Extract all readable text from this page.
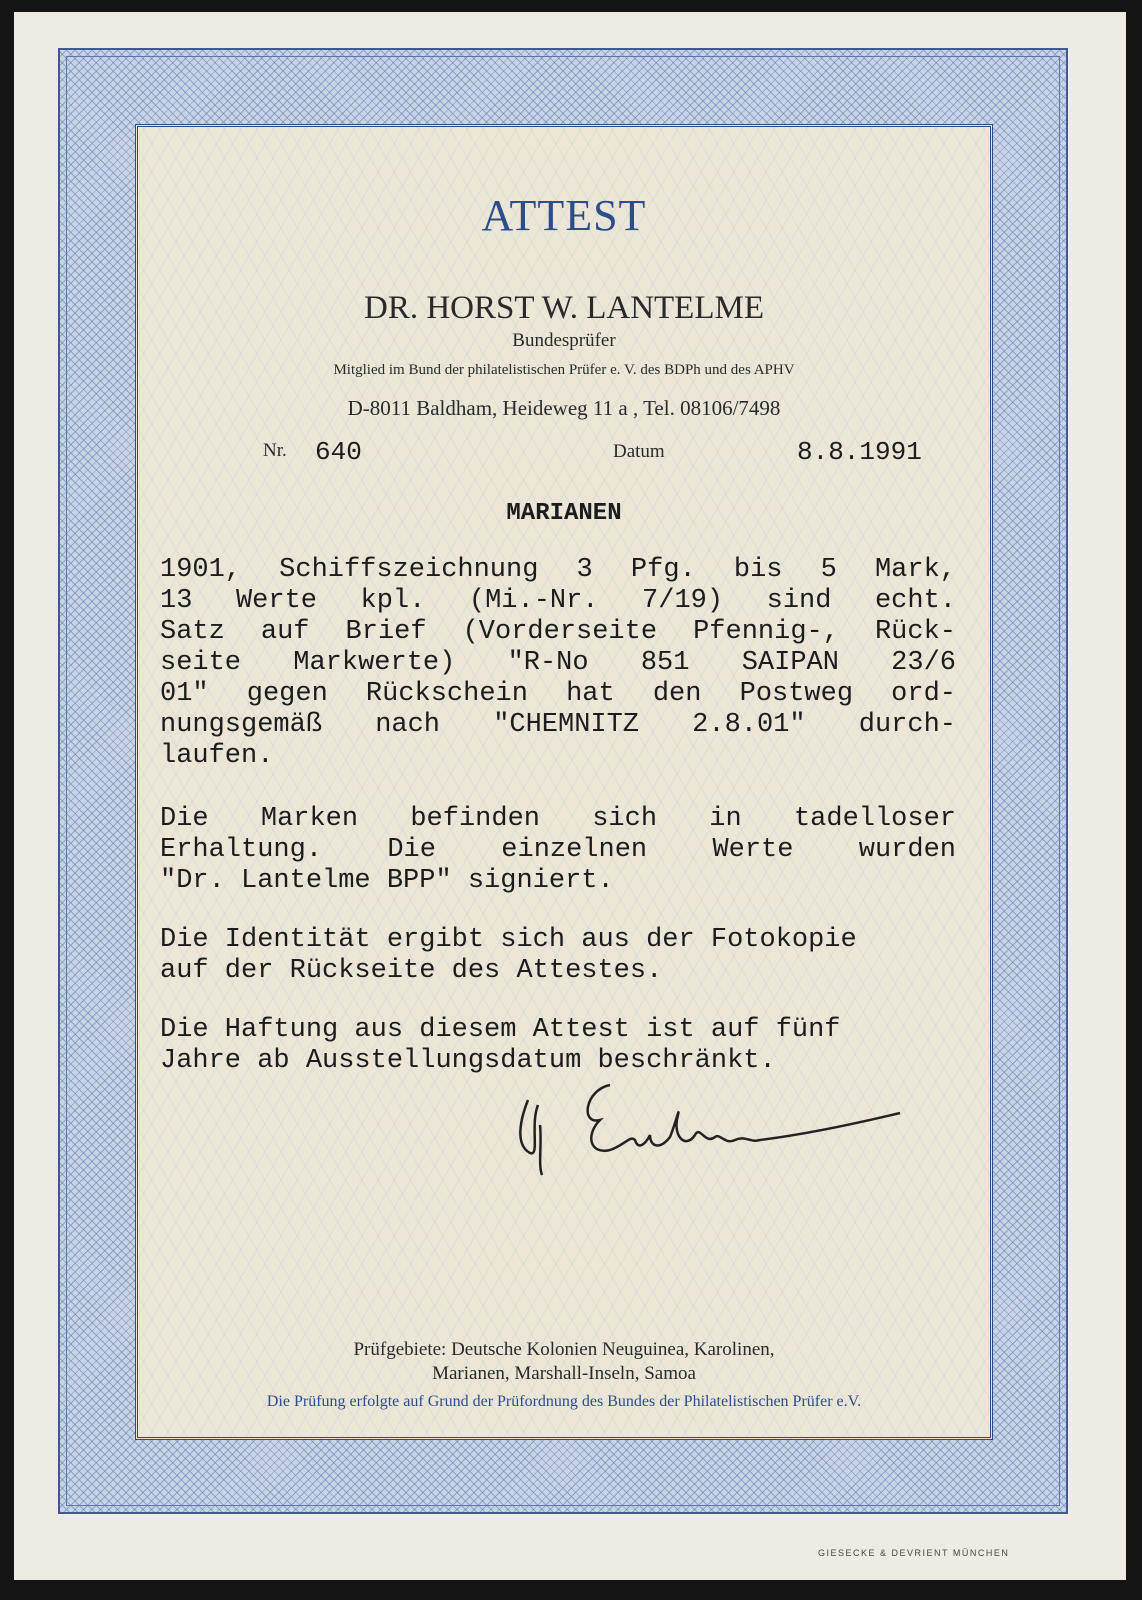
ATTEST
DR. HORST W. LANTELME
Bundesprüfer
Mitglied im Bund der philatelistischen Prüfer e. V. des BDPh und des APHV
D-8011 Baldham, Heideweg 11 a , Tel. 08106/7498
Nr. 640	Datum	8.8.1991
MARIANEN
1901, Schiffszeichnung 3 Pfg. bis 5 Mark,
13 Werte kpl. (Mi.-Nr. 7/19) sind echt.
Satz auf Brief (Vorderseite Pfennig-, Rück-
seite Markwerte) "R-No 851 SAIPAN 23/6
01" gegen Rückschein hat den Postweg ord-
nungsgemäß nach "CHEMNITZ 2.8.01" durch-
laufen.
Die Marken befinden sich in tadelloser
Erhaltung. Die einzelnen Werte wurden
"Dr. Lantelme BPP" signiert.
Die Identität ergibt sich aus der Fotokopie
auf der Rückseite des Attestes.
Die Haftung aus diesem Attest ist auf fünf
Jahre ab Ausstellungsdatum beschränkt.
Prüfgebiete: Deutsche Kolonien Neuguinea, Karolinen,
Marianen, Marshall-Inseln, Samoa
Die Prüfung erfolgte auf Grund der Prüfordnung des Bundes der Philatelistischen Prüfer e.V.
GIESECKE & DEVRIENT MÜNCHEN
